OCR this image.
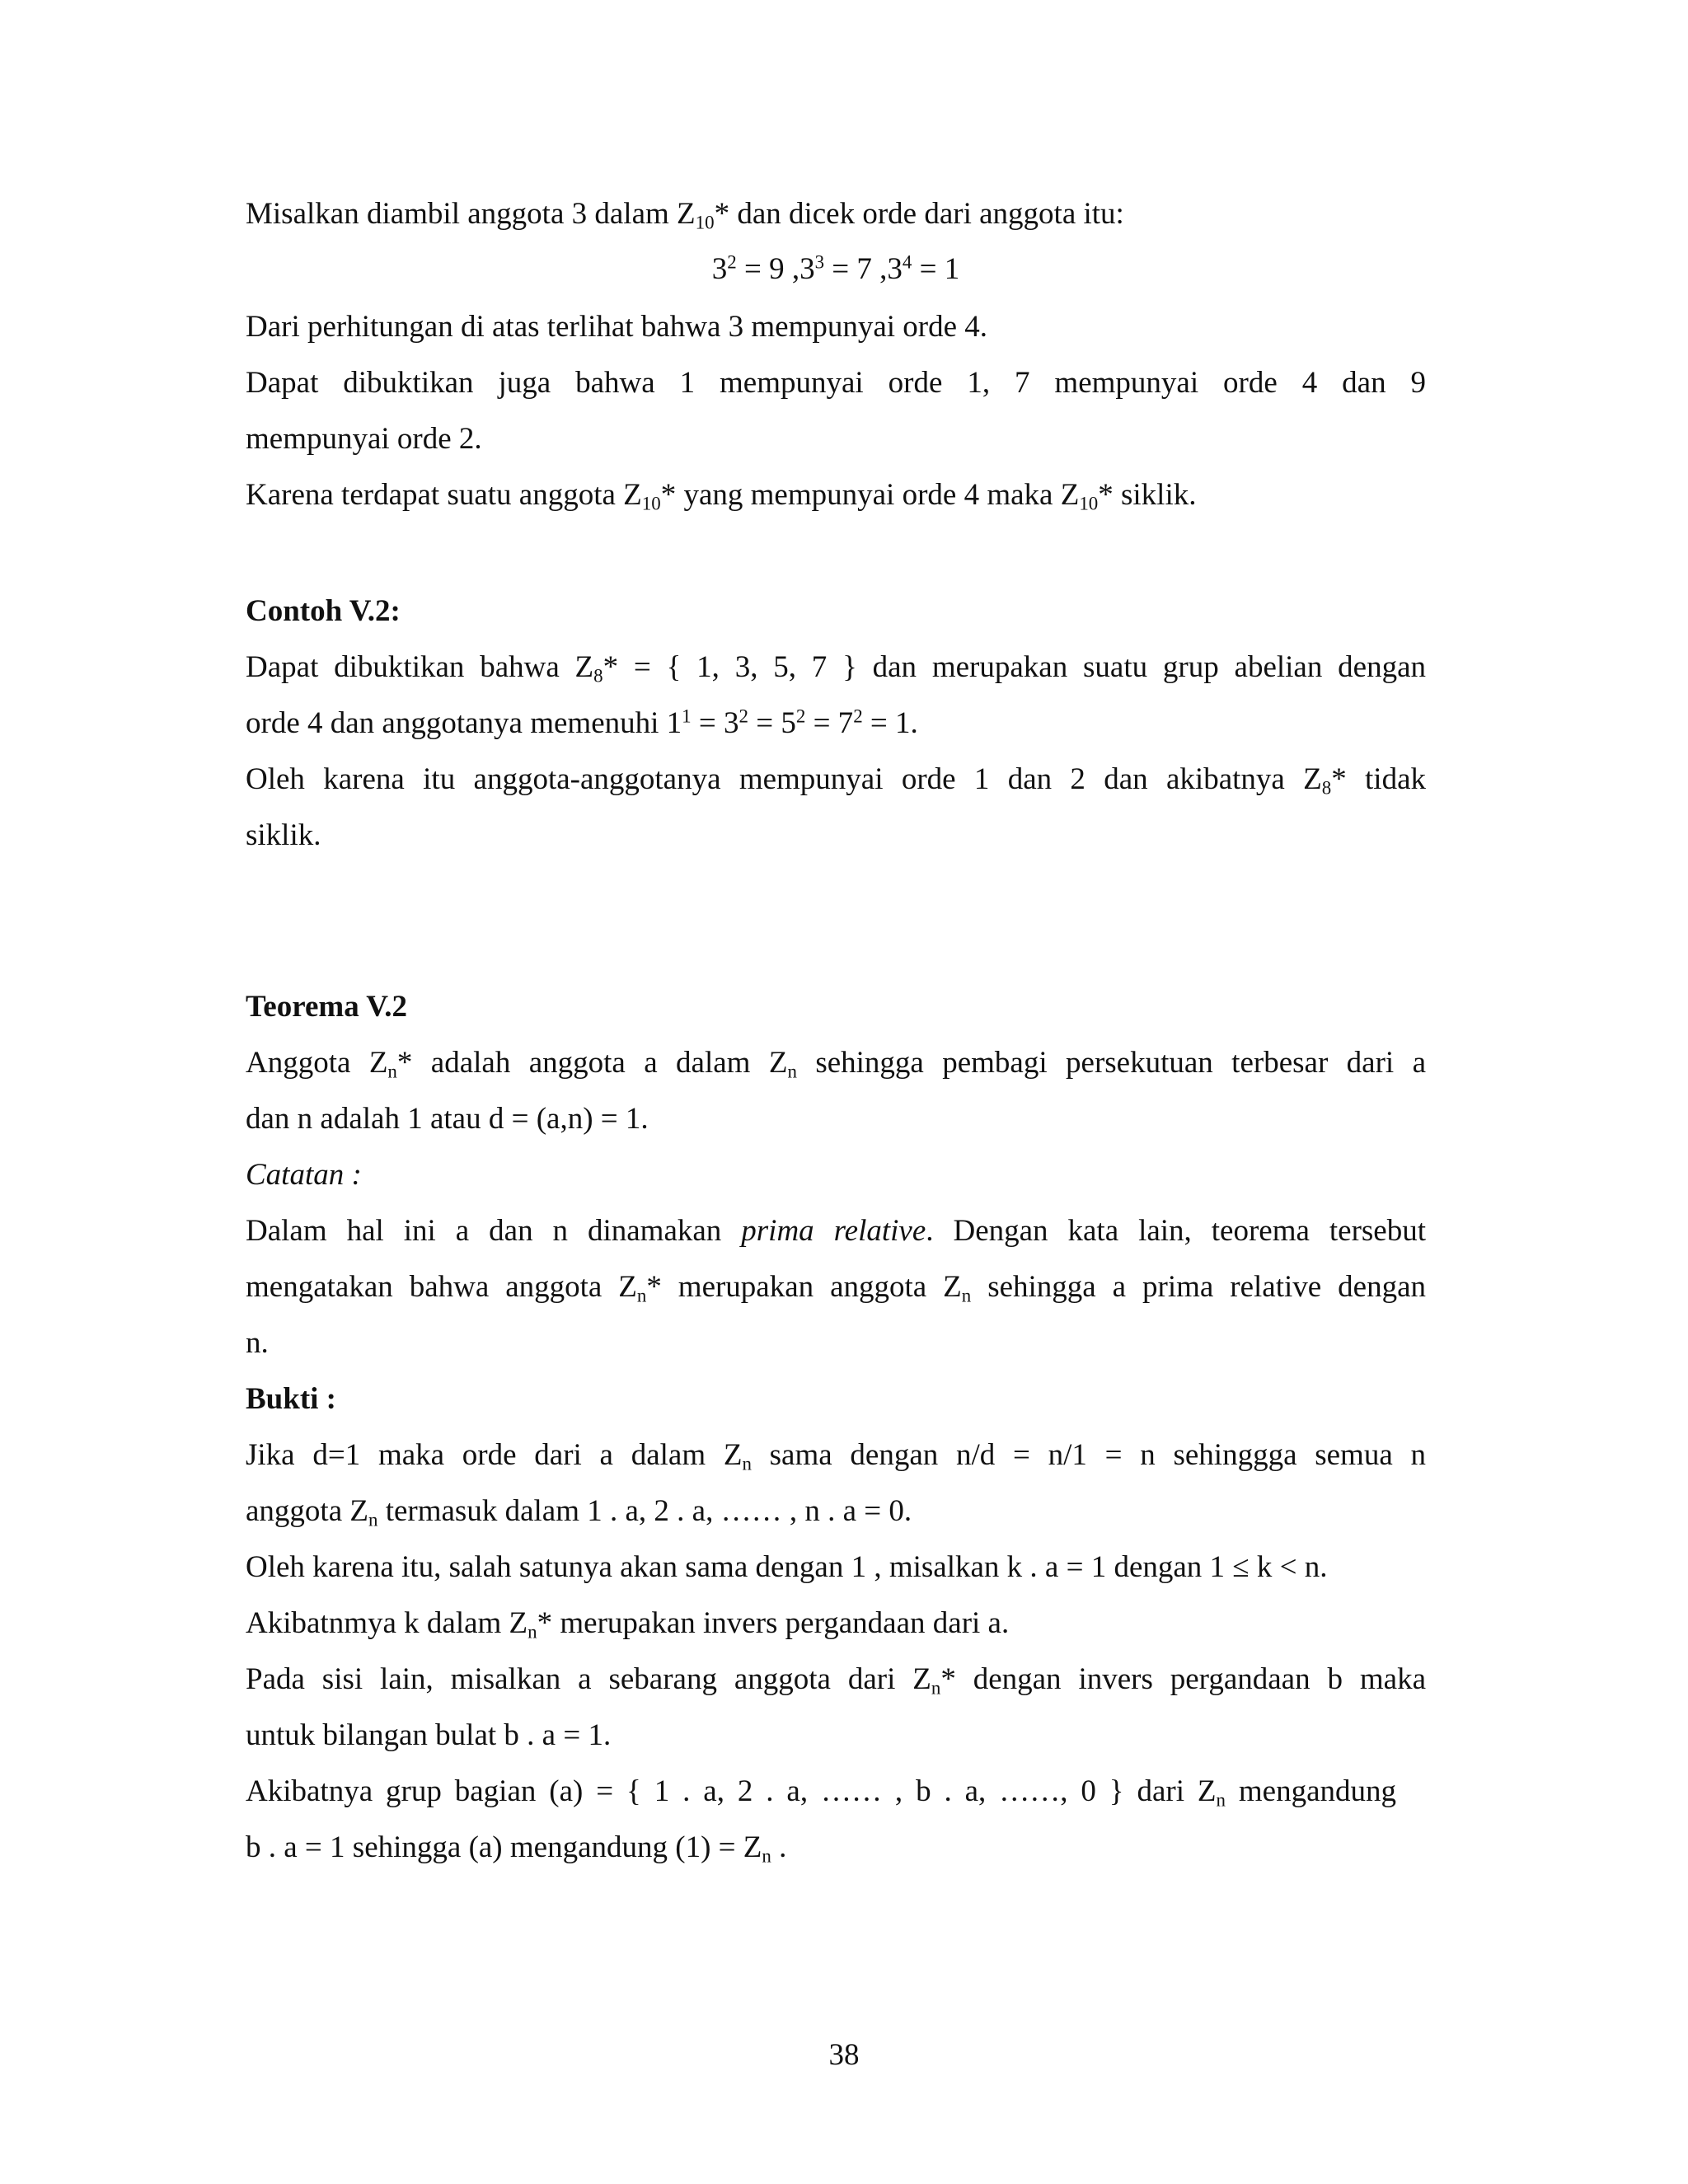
Misalkan diambil anggota 3 dalam $Z_{10}*$ dan dicek orde dari anggota itu:
$3^2 = 9$ $,3^3 = 7$ $,3^4 = 1$
Dari perhitungan di atas terlihat bahwa 3 mempunyai orde 4.
Dapat dibuktikan juga bahwa 1 mempunyai orde 1, 7 mempunyai orde 4 dan 9
mempunyai orde 2.
Karena terdapat suatu anggota $Z_{10}*$ yang mempunyai orde 4 maka $Z_{10}*$ siklik.
Contoh V.2:
Dapat dibuktikan bahwa $Z_8*$ = { 1, 3, 5, 7 } dan merupakan suatu grup abelian dengan
orde 4 dan anggotanya memenuhi $1^1 = 3^2 = 5^2 = 7^2 = 1$.
Oleh karena itu anggota-anggotanya mempunyai orde 1 dan 2 dan akibatnya $Z_8*$ tidak
siklik.
Teorema V.2
Anggota $Z_n*$ adalah anggota a dalam $Z_n$ sehingga pembagi persekutuan terbesar dari a
dan n adalah 1 atau d = (a,n) = 1.
Catatan :
Dalam hal ini a dan n dinamakan prima relative. Dengan kata lain, teorema tersebut
mengatakan bahwa anggota $Z_n*$ merupakan anggota $Z_n$ sehingga a prima relative dengan
n.
Bukti :
Jika d=1 maka orde dari a dalam $Z_n$ sama dengan n/d = n/1 = n sehinggga semua n
anggota $Z_n$ termasuk dalam 1 . a, 2 . a, …… , n . a = 0.
Oleh karena itu, salah satunya akan sama dengan 1 , misalkan k . a = 1 dengan 1 ≤ k < n.
Akibatnmya k dalam $Z_n*$ merupakan invers pergandaan dari a.
Pada sisi lain, misalkan a sebarang anggota dari $Z_n*$ dengan invers pergandaan b maka
untuk bilangan bulat b . a = 1.
Akibatnya grup bagian (a) = { 1 . a, 2 . a, …… , b . a, ……, 0 } dari $Z_n$ mengandung
b . a = 1 sehingga (a) mengandung $(1) = Z_n$ .
38
